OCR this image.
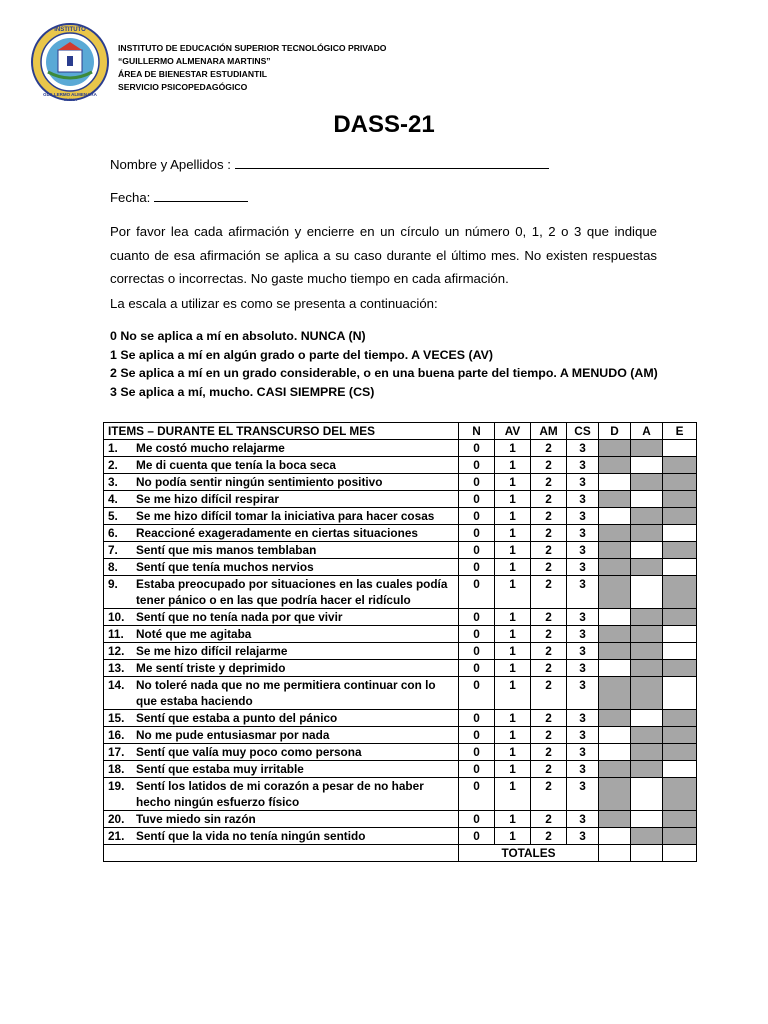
INSTITUTO
GUILLERMO ALMENARA
TACNA
INSTITUTO DE EDUCACIÓN SUPERIOR TECNOLÓGICO PRIVADO
“GUILLERMO ALMENARA MARTINS”
ÁREA DE BIENESTAR ESTUDIANTIL
SERVICIO PSICOPEDAGÓGICO
DASS-21
Nombre y Apellidos :
Fecha:
Por favor lea cada afirmación y encierre en un círculo un número 0, 1, 2 o 3 que indique cuanto de esa afirmación se aplica a su caso durante el último mes. No existen respuestas correctas o incorrectas. No gaste mucho tiempo en cada afirmación.
La escala a utilizar es como se presenta a continuación:
0 No se aplica a mí en absoluto. NUNCA (N)
1 Se aplica a mí en algún grado o parte del tiempo. A VECES (AV)
2 Se aplica a mí en un grado considerable, o en una buena parte del tiempo. A MENUDO (AM)
3 Se aplica a mí, mucho. CASI SIEMPRE (CS)
ITEMS – DURANTE EL TRANSCURSO DEL MES	N	AV	AM	CS	D	A	E

1. Me costó mucho relajarme	0	1	2	3			

2. Me di cuenta que tenía la boca seca	0	1	2	3			

3. No podía sentir ningún sentimiento positivo	0	1	2	3			

4. Se me hizo difícil respirar	0	1	2	3			

5. Se me hizo difícil tomar la iniciativa para hacer cosas	0	1	2	3			

6. Reaccioné exageradamente en ciertas situaciones	0	1	2	3			

7. Sentí que mis manos temblaban	0	1	2	3			

8. Sentí que tenía muchos nervios	0	1	2	3			

9. Estaba preocupado por situaciones en las cuales podía tener pánico o en las que podría hacer el ridículo	0	1	2	3			

10. Sentí que no tenía nada por que vivir	0	1	2	3			

11. Noté que me agitaba	0	1	2	3			

12. Se me hizo difícil relajarme	0	1	2	3			

13. Me sentí triste y deprimido	0	1	2	3			

14. No toleré nada que no me permitiera continuar con lo que estaba haciendo	0	1	2	3			

15. Sentí que estaba a punto del pánico	0	1	2	3			

16. No me pude entusiasmar por nada	0	1	2	3			

17. Sentí que valía muy poco como persona	0	1	2	3			

18. Sentí que estaba muy irritable	0	1	2	3			

19. Sentí los latidos de mi corazón a pesar de no haber hecho ningún esfuerzo físico	0	1	2	3			

20. Tuve miedo sin razón	0	1	2	3			

21. Sentí que la vida no tenía ningún sentido	0	1	2	3			
	TOTALES						
